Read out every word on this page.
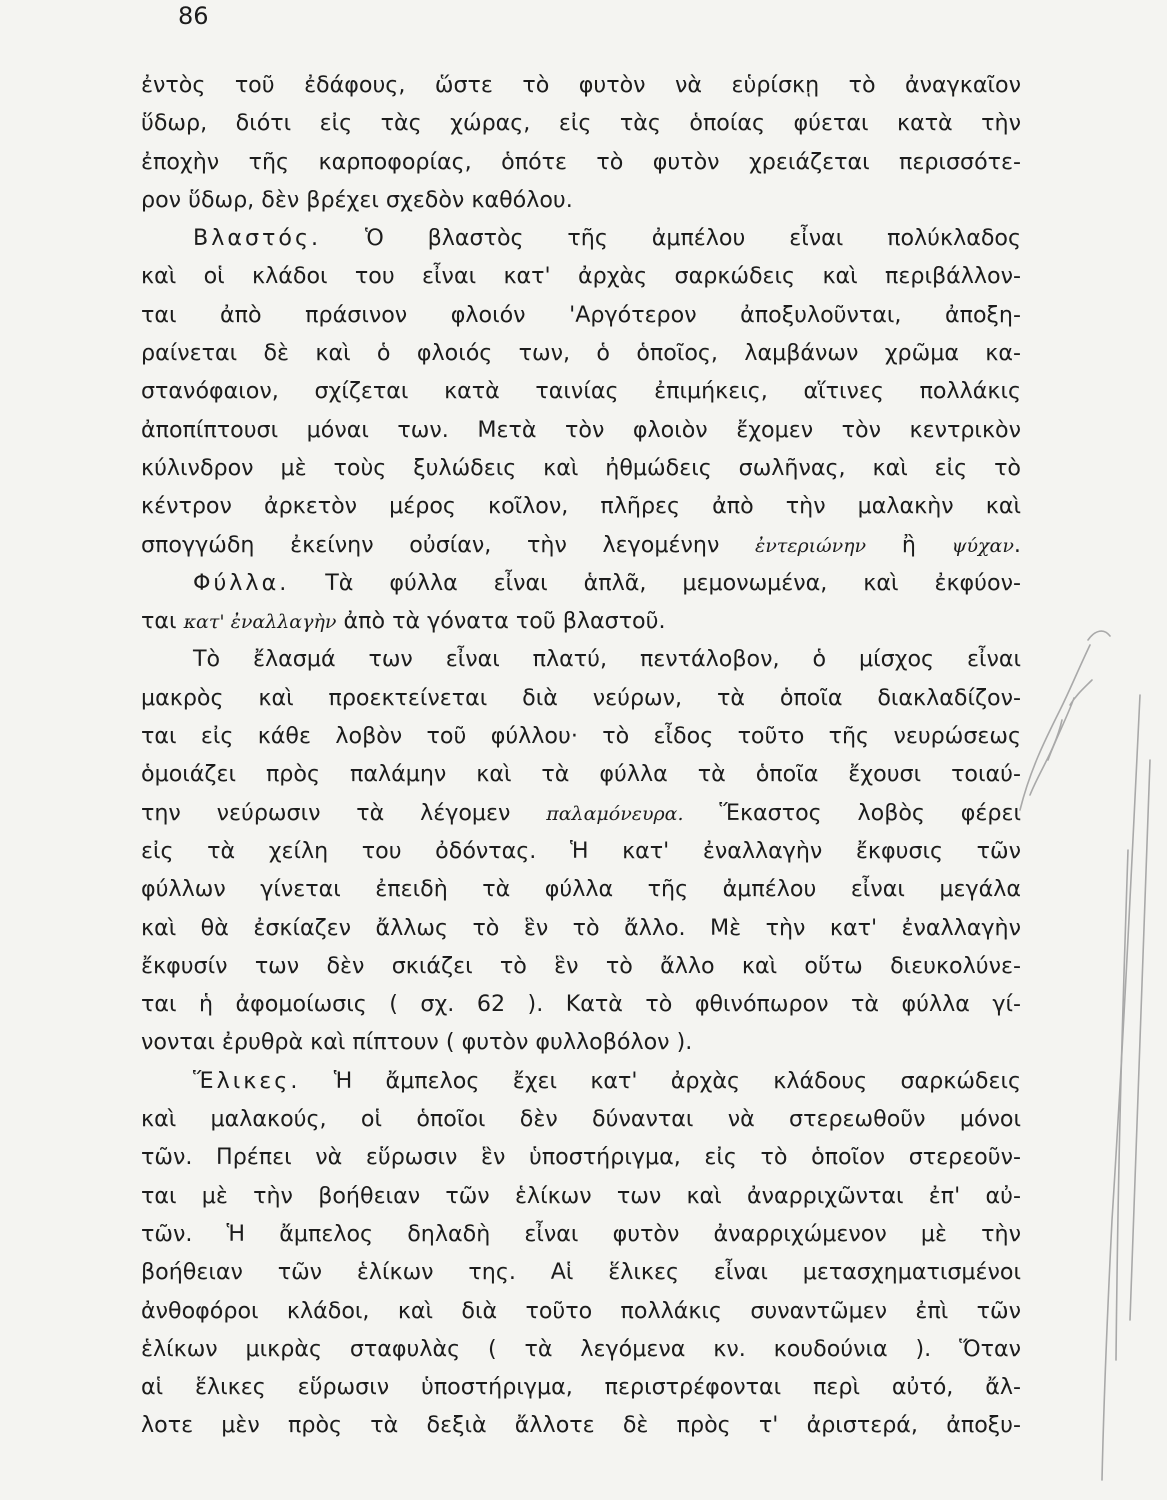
86
ἐντὸς τοῦ ἐδάφους, ὥστε τὸ φυτὸν νὰ εὑρίσκῃ τὸ ἀναγκαῖον
ὕδωρ, διότι εἰς τὰς χώρας, εἰς τὰς ὁποίας φύεται κατὰ τὴν
ἐποχὴν τῆς καρποφορίας, ὁπότε τὸ φυτὸν χρειάζεται περισσότε-
ρον ὕδωρ, δὲν βρέχει σχεδὸν καθόλου.
Βλαστός. Ὁ βλαστὸς τῆς ἀμπέλου εἶναι πολύκλαδος
καὶ οἱ κλάδοι του εἶναι κατ' ἀρχὰς σαρκώδεις καὶ περιβάλλον-
ται ἀπὸ πράσινον φλοιόν 'Αργότερον ἀποξυλοῦνται, ἀποξη-
ραίνεται δὲ καὶ ὁ φλοιός των, ὁ ὁποῖος, λαμβάνων χρῶμα κα-
στανόφαιον, σχίζεται κατὰ ταινίας ἐπιμήκεις, αἵτινες πολλάκις
ἀποπίπτουσι μόναι των. Μετὰ τὸν φλοιὸν ἔχομεν τὸν κεντρικὸν
κύλινδρον μὲ τοὺς ξυλώδεις καὶ ἠθμώδεις σωλῆνας, καὶ εἰς τὸ
κέντρον ἀρκετὸν μέρος κοῖλον, πλῆρες ἀπὸ τὴν μαλακὴν καὶ
σπογγώδη ἐκείνην οὐσίαν, τὴν λεγομένην ἐντεριώνην ἢ ψύχαν.
Φύλλα. Τὰ φύλλα εἶναι ἁπλᾶ, μεμονωμένα, καὶ ἐκφύον-
ται κατ' ἐναλλαγὴν ἀπὸ τὰ γόνατα τοῦ βλαστοῦ.
Τὸ ἔλασμά των εἶναι πλατύ, πεντάλοβον, ὁ μίσχος εἶναι
μακρὸς καὶ προεκτείνεται διὰ νεύρων, τὰ ὁποῖα διακλαδίζον-
ται εἰς κάθε λοβὸν τοῦ φύλλου· τὸ εἶδος τοῦτο τῆς νευρώσεως
ὁμοιάζει πρὸς παλάμην καὶ τὰ φύλλα τὰ ὁποῖα ἔχουσι τοιαύ-
την νεύρωσιν τὰ λέγομεν παλαμόνευρα. Ἕκαστος λοβὸς φέρει
εἰς τὰ χείλη του ὀδόντας. Ἡ κατ' ἐναλλαγὴν ἔκφυσις τῶν
φύλλων γίνεται ἐπειδὴ τὰ φύλλα τῆς ἀμπέλου εἶναι μεγάλα
καὶ θὰ ἐσκίαζεν ἄλλως τὸ ἓν τὸ ἄλλο. Μὲ τὴν κατ' ἐναλλαγὴν
ἔκφυσίν των δὲν σκιάζει τὸ ἓν τὸ ἄλλο καὶ οὕτω διευκολύνε-
ται ἡ ἀφομοίωσις ( σχ. 62 ). Κατὰ τὸ φθινόπωρον τὰ φύλλα γί-
νονται ἐρυθρὰ καὶ πίπτουν ( φυτὸν φυλλοβόλον ).
Ἕλικες. Ἡ ἄμπελος ἔχει κατ' ἀρχὰς κλάδους σαρκώδεις
καὶ μαλακούς, οἱ ὁποῖοι δὲν δύνανται νὰ στερεωθοῦν μόνοι
τῶν. Πρέπει νὰ εὕρωσιν ἓν ὑποστήριγμα, εἰς τὸ ὁποῖον στερεοῦν-
ται μὲ τὴν βοήθειαν τῶν ἑλίκων των καὶ ἀναρριχῶνται ἐπ' αὐ-
τῶν. Ἡ ἄμπελος δηλαδὴ εἶναι φυτὸν ἀναρριχώμενον μὲ τὴν
βοήθειαν τῶν ἑλίκων της. Αἱ ἕλικες εἶναι μετασχηματισμένοι
ἀνθοφόροι κλάδοι, καὶ διὰ τοῦτο πολλάκις συναντῶμεν ἐπὶ τῶν
ἑλίκων μικρὰς σταφυλὰς ( τὰ λεγόμενα κν. κουδούνια ). Ὅταν
αἱ ἕλικες εὕρωσιν ὑποστήριγμα, περιστρέφονται περὶ αὐτό, ἄλ-
λοτε μὲν πρὸς τὰ δεξιὰ ἄλλοτε δὲ πρὸς τ' ἀριστερά, ἀποξυ-
